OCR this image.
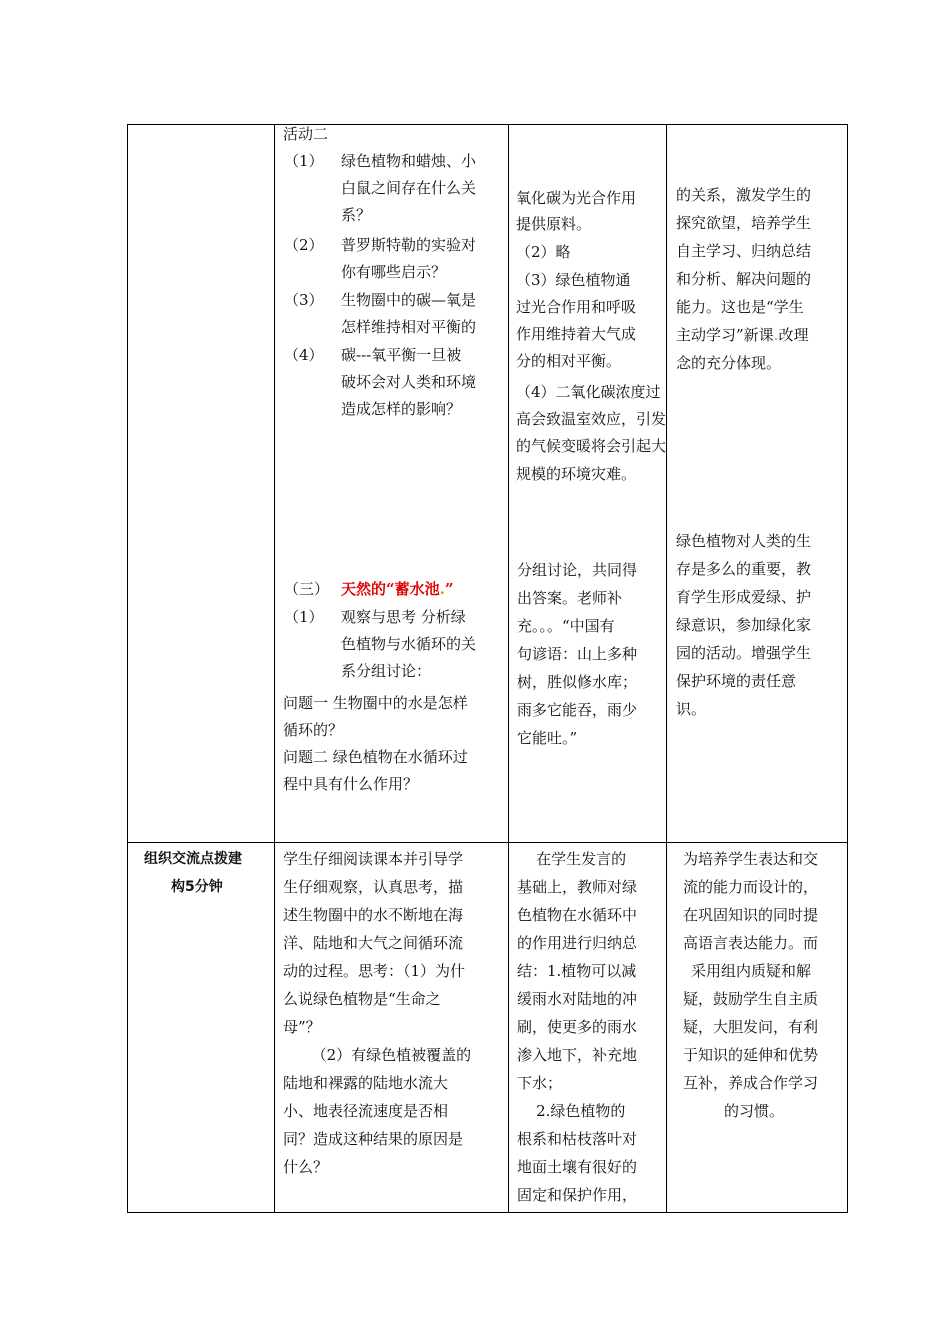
活动二
（1） 绿色植物和蜡烛、小
白鼠之间存在什么关
系？
（2） 普罗斯特勒的实验对
你有哪些启示？
（3） 生物圈中的碳—氧是
怎样维持相对平衡的
（4） 碳---氧平衡一旦被
破坏会对人类和环境
造成怎样的影响？
（三） 天然的“蓄水池.”
（1） 观察与思考 分析绿
色植物与水循环的关
系分组讨论：
问题一 生物圈中的水是怎样
循环的？
问题二 绿色植物在水循环过
程中具有什么作用？
氧化碳为光合作用
提供原料。
（2）略
（3）绿色植物通
过光合作用和呼吸
作用维持着大气成
分的相对平衡。
（4）二氧化碳浓度过
高会致温室效应，引发
的气候变暖将会引起大
规模的环境灾难。
分组讨论，共同得
出答案。老师补
充。。。“中国有
句谚语：山上多种
树，胜似修水库；
雨多它能吞，雨少
它能吐。”
的关系，激发学生的
探究欲望，培养学生
自主学习、归纳总结
和分析、解决问题的
能力。这也是“学生
主动学习”新课.改理
念的充分体现。
绿色植物对人类的生
存是多么的重要，教
育学生形成爱绿、护
绿意识，参加绿化家
园的活动。增强学生
保护环境的责任意
识。
组织交流点拨建
构5分钟
学生仔细阅读课本并引导学
生仔细观察，认真思考，描
述生物圈中的水不断地在海
洋、陆地和大气之间循环流
动的过程。思考：（1）为什
么说绿色植物是“生命之
母”？
（2）有绿色植被覆盖的
陆地和裸露的陆地水流大
小、地表径流速度是否相
同？造成这种结果的原因是
什么？
在学生发言的
基础上，教师对绿
色植物在水循环中
的作用进行归纳总
结：1.植物可以减
缓雨水对陆地的冲
刷，使更多的雨水
渗入地下，补充地
下水；
2.绿色植物的
根系和枯枝落叶对
地面土壤有很好的
固定和保护作用，
为培养学生表达和交
流的能力而设计的，
在巩固知识的同时提
高语言表达能力。而
采用组内质疑和解
疑，鼓励学生自主质
疑，大胆发问，有利
于知识的延伸和优势
互补，养成合作学习
的习惯。
